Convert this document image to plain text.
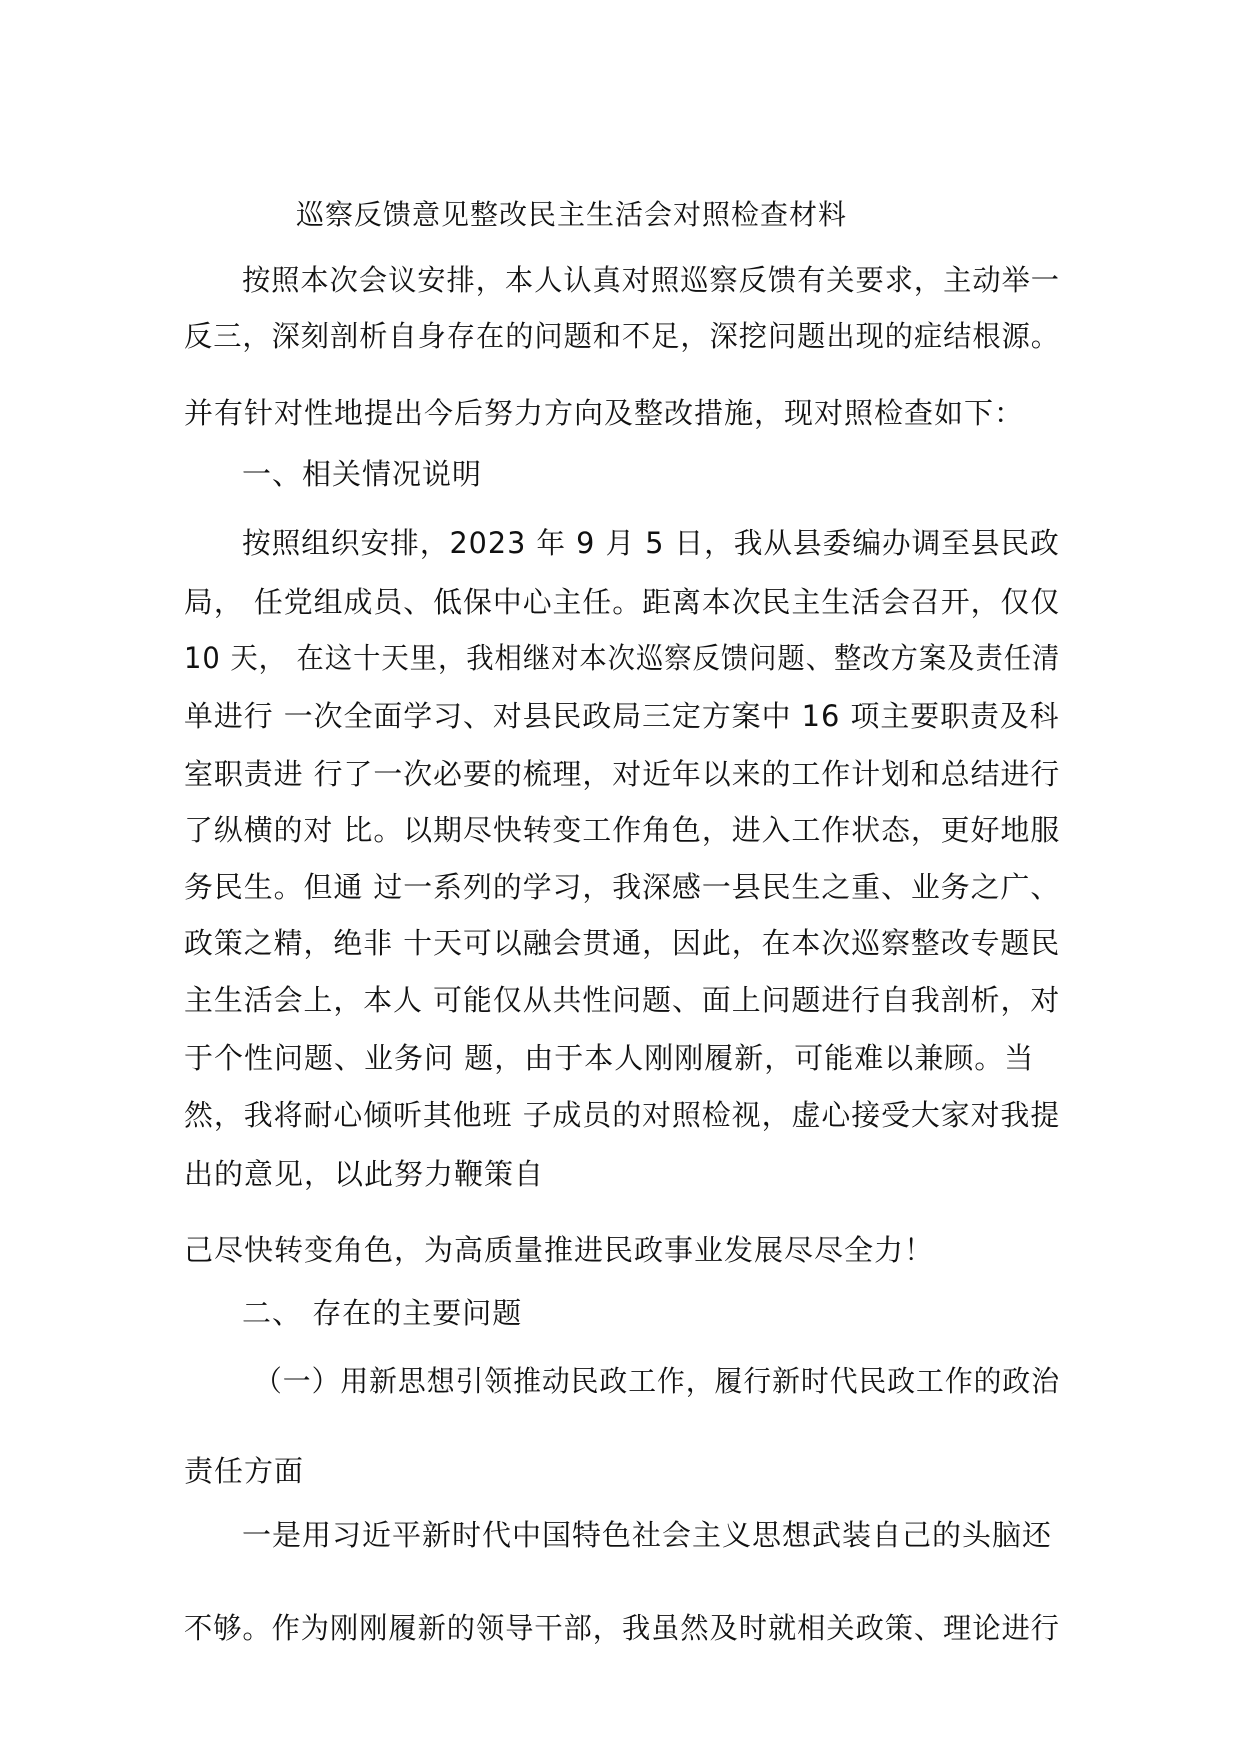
巡察反馈意见整改民主生活会对照检查材料
按照本次会议安排，本人认真对照巡察反馈有关要求，主动举一
反三，深刻剖析自身存在的问题和不足，深挖问题出现的症结根源。
并有针对性地提出今后努力方向及整改措施，现对照检查如下：
一、相关情况说明
按照组织安排，2023 年 9 月 5 日，我从县委编办调至县民政
局， 任党组成员、低保中心主任。距离本次民主生活会召开，仅仅
10 天， 在这十天里，我相继对本次巡察反馈问题、整改方案及责任清
单进行 一次全面学习、对县民政局三定方案中 16 项主要职责及科
室职责进 行了一次必要的梳理，对近年以来的工作计划和总结进行
了纵横的对 比。以期尽快转变工作角色，进入工作状态，更好地服
务民生。但通 过一系列的学习，我深感一县民生之重、业务之广、
政策之精，绝非 十天可以融会贯通，因此，在本次巡察整改专题民
主生活会上，本人 可能仅从共性问题、面上问题进行自我剖析，对
于个性问题、业务问 题，由于本人刚刚履新，可能难以兼顾。当
然，我将耐心倾听其他班 子成员的对照检视，虚心接受大家对我提
出的意见，以此努力鞭策自
己尽快转变角色，为高质量推进民政事业发展尽尽全力！
二、 存在的主要问题
（一）用新思想引领推动民政工作，履行新时代民政工作的政治
责任方面
一是用习近平新时代中国特色社会主义思想武装自己的头脑还
不够。作为刚刚履新的领导干部，我虽然及时就相关政策、理论进行
